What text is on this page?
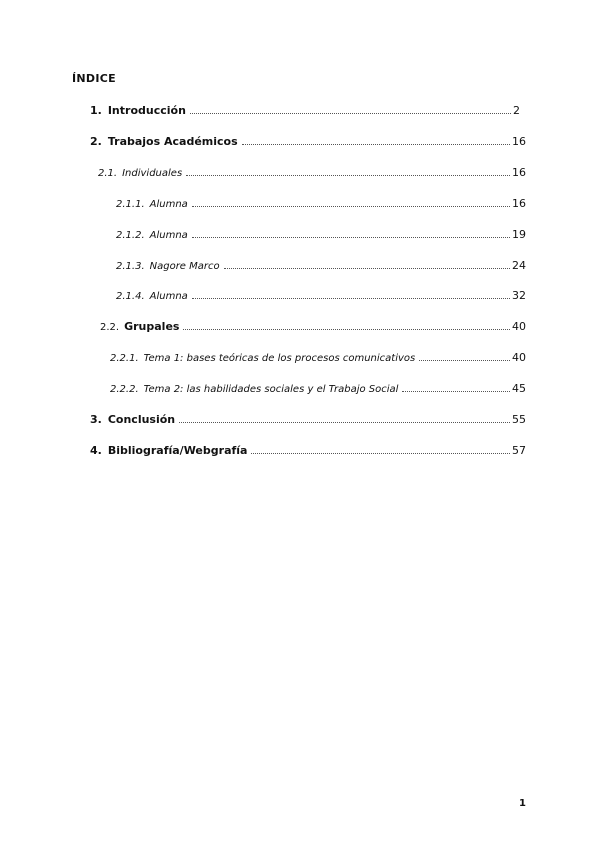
ÍNDICE
1. Introducción	2
2. Trabajos Académicos	16
2.1. Individuales	16
2.1.1. Alumna	16
2.1.2. Alumna	19
2.1.3. Nagore Marco	24
2.1.4. Alumna	32
2.2. Grupales	40
2.2.1. Tema 1: bases teóricas de los procesos comunicativos	40
2.2.2. Tema 2: las habilidades sociales y el Trabajo Social	45
3. Conclusión	55
4. Bibliografía/Webgrafía	57
1
